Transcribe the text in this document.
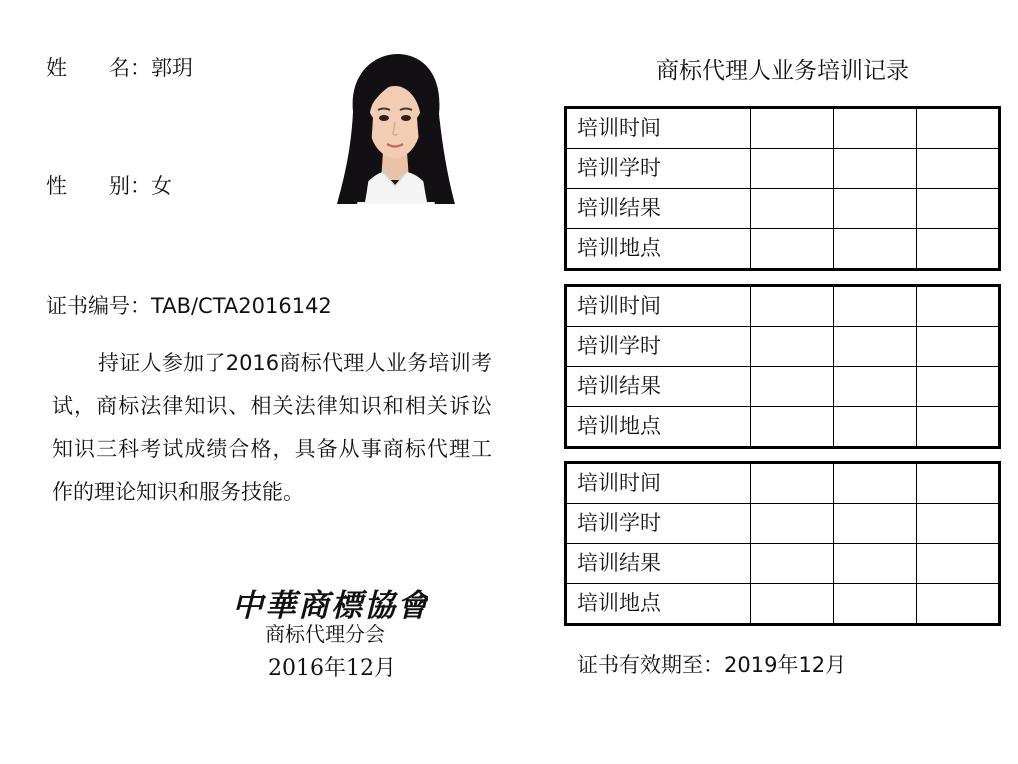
姓　　名：郭玥
性　　别：女
证书编号：TAB/CTA2016142
持证人参加了2016商标代理人业务培训考试，商标法律知识、相关法律知识和相关诉讼知识三科考试成绩合格，具备从事商标代理工作的理论知识和服务技能。
中華商標協會
商标代理分会
2016年12月
商标代理人业务培训记录
培训时间			
培训学时			
培训结果			
培训地点			
培训时间			
培训学时			
培训结果			
培训地点			
培训时间			
培训学时			
培训结果			
培训地点			
证书有效期至：2019年12月
